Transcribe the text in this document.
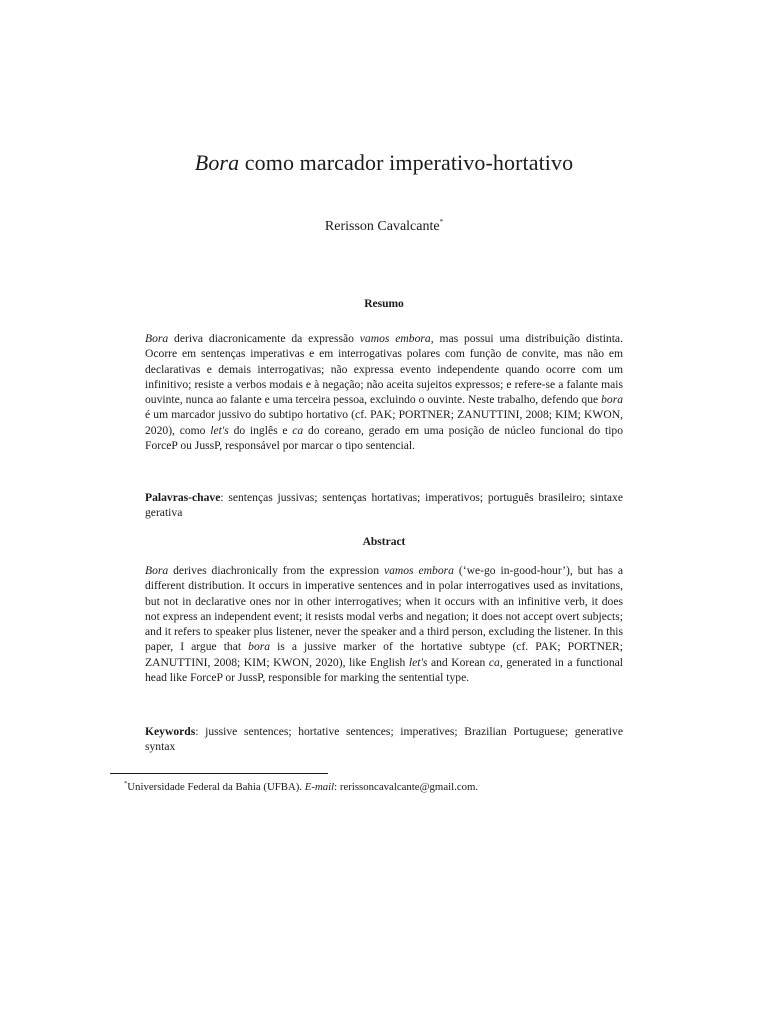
Bora como marcador imperativo-hortativo
Rerisson Cavalcante*
Resumo
Bora deriva diacronicamente da expressão vamos embora, mas possui uma distribuição distinta. Ocorre em sentenças imperativas e em interrogativas polares com função de convite, mas não em declarativas e demais interrogativas; não expressa evento independente quando ocorre com um infinitivo; resiste a verbos modais e à negação; não aceita sujeitos expressos; e refere-se a falante mais ouvinte, nunca ao falante e uma terceira pessoa, excluindo o ouvinte. Neste trabalho, defendo que bora é um marcador jussivo do subtipo hortativo (cf. PAK; PORTNER; ZANUTTINI, 2008; KIM; KWON, 2020), como let's do inglês e ca do coreano, gerado em uma posição de núcleo funcional do tipo ForceP ou JussP, responsável por marcar o tipo sentencial.
Palavras-chave: sentenças jussivas; sentenças hortativas; imperativos; português brasileiro; sintaxe gerativa
Abstract
Bora derives diachronically from the expression vamos embora (‘we-go in-good-hour’), but has a different distribution. It occurs in imperative sentences and in polar interrogatives used as invitations, but not in declarative ones nor in other interrogatives; when it occurs with an infinitive verb, it does not express an independent event; it resists modal verbs and negation; it does not accept overt subjects; and it refers to speaker plus listener, never the speaker and a third person, excluding the listener. In this paper, I argue that bora is a jussive marker of the hortative subtype (cf. PAK; PORTNER; ZANUTTINI, 2008; KIM; KWON, 2020), like English let's and Korean ca, generated in a functional head like ForceP or JussP, responsible for marking the sentential type.
Keywords: jussive sentences; hortative sentences; imperatives; Brazilian Portuguese; generative syntax
*Universidade Federal da Bahia (UFBA). E-mail: rerissoncavalcante@gmail.com.
